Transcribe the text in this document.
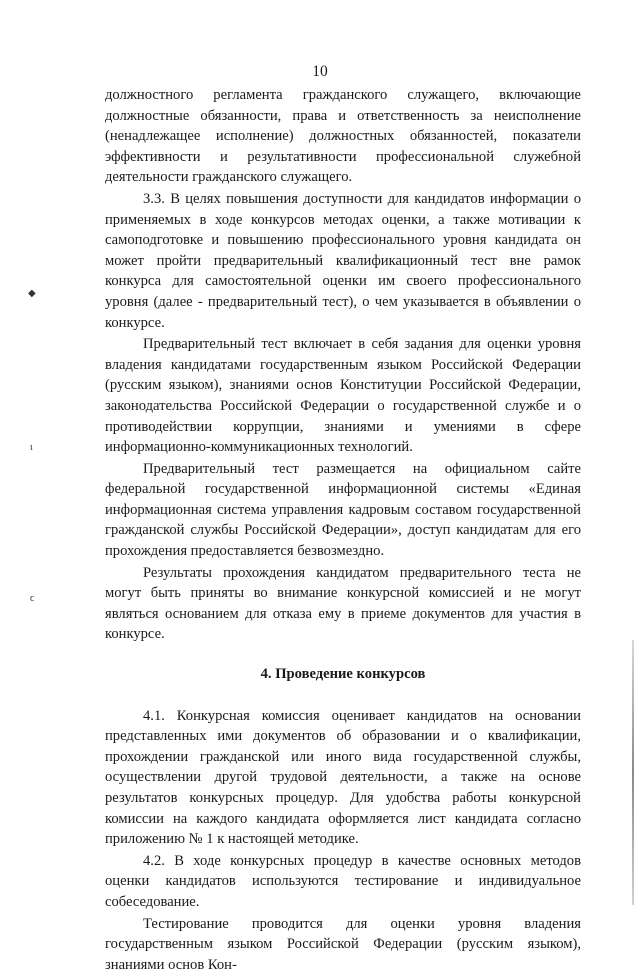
10

должностного регламента гражданского служащего, включающие должностные обязанности, права и ответственность за неисполнение (ненадлежащее исполнение) должностных обязанностей, показатели эффективности и результативности профессиональной служебной деятельности гражданского служащего.

3.3. В целях повышения доступности для кандидатов информации о применяемых в ходе конкурсов методах оценки, а также мотивации к самоподготовке и повышению профессионального уровня кандидата он может пройти предварительный квалификационный тест вне рамок конкурса для самостоятельной оценки им своего профессионального уровня (далее - предварительный тест), о чем указывается в объявлении о конкурсе.

Предварительный тест включает в себя задания для оценки уровня владения кандидатами государственным языком Российской Федерации (русским языком), знаниями основ Конституции Российской Федерации, законодательства Российской Федерации о государственной службе и о противодействии коррупции, знаниями и умениями в сфере информационно-коммуникационных технологий.

Предварительный тест размещается на официальном сайте федеральной государственной информационной системы «Единая информационная система управления кадровым составом государственной гражданской службы Российской Федерации», доступ кандидатам для его прохождения предоставляется безвозмездно.

Результаты прохождения кандидатом предварительного теста не могут быть приняты во внимание конкурсной комиссией и не могут являться основанием для отказа ему в приеме документов для участия в конкурсе.

4. Проведение конкурсов

4.1. Конкурсная комиссия оценивает кандидатов на основании представленных ими документов об образовании и о квалификации, прохождении гражданской или иного вида государственной службы, осуществлении другой трудовой деятельности, а также на основе результатов конкурсных процедур. Для удобства работы конкурсной комиссии на каждого кандидата оформляется лист кандидата согласно приложению № 1 к настоящей методике.

4.2. В ходе конкурсных процедур в качестве основных методов оценки кандидатов используются тестирование и индивидуальное собеседование.

Тестирование проводится для оценки уровня владения государственным языком Российской Федерации (русским языком), знаниями основ Кон-

◆
ι
ϲ
